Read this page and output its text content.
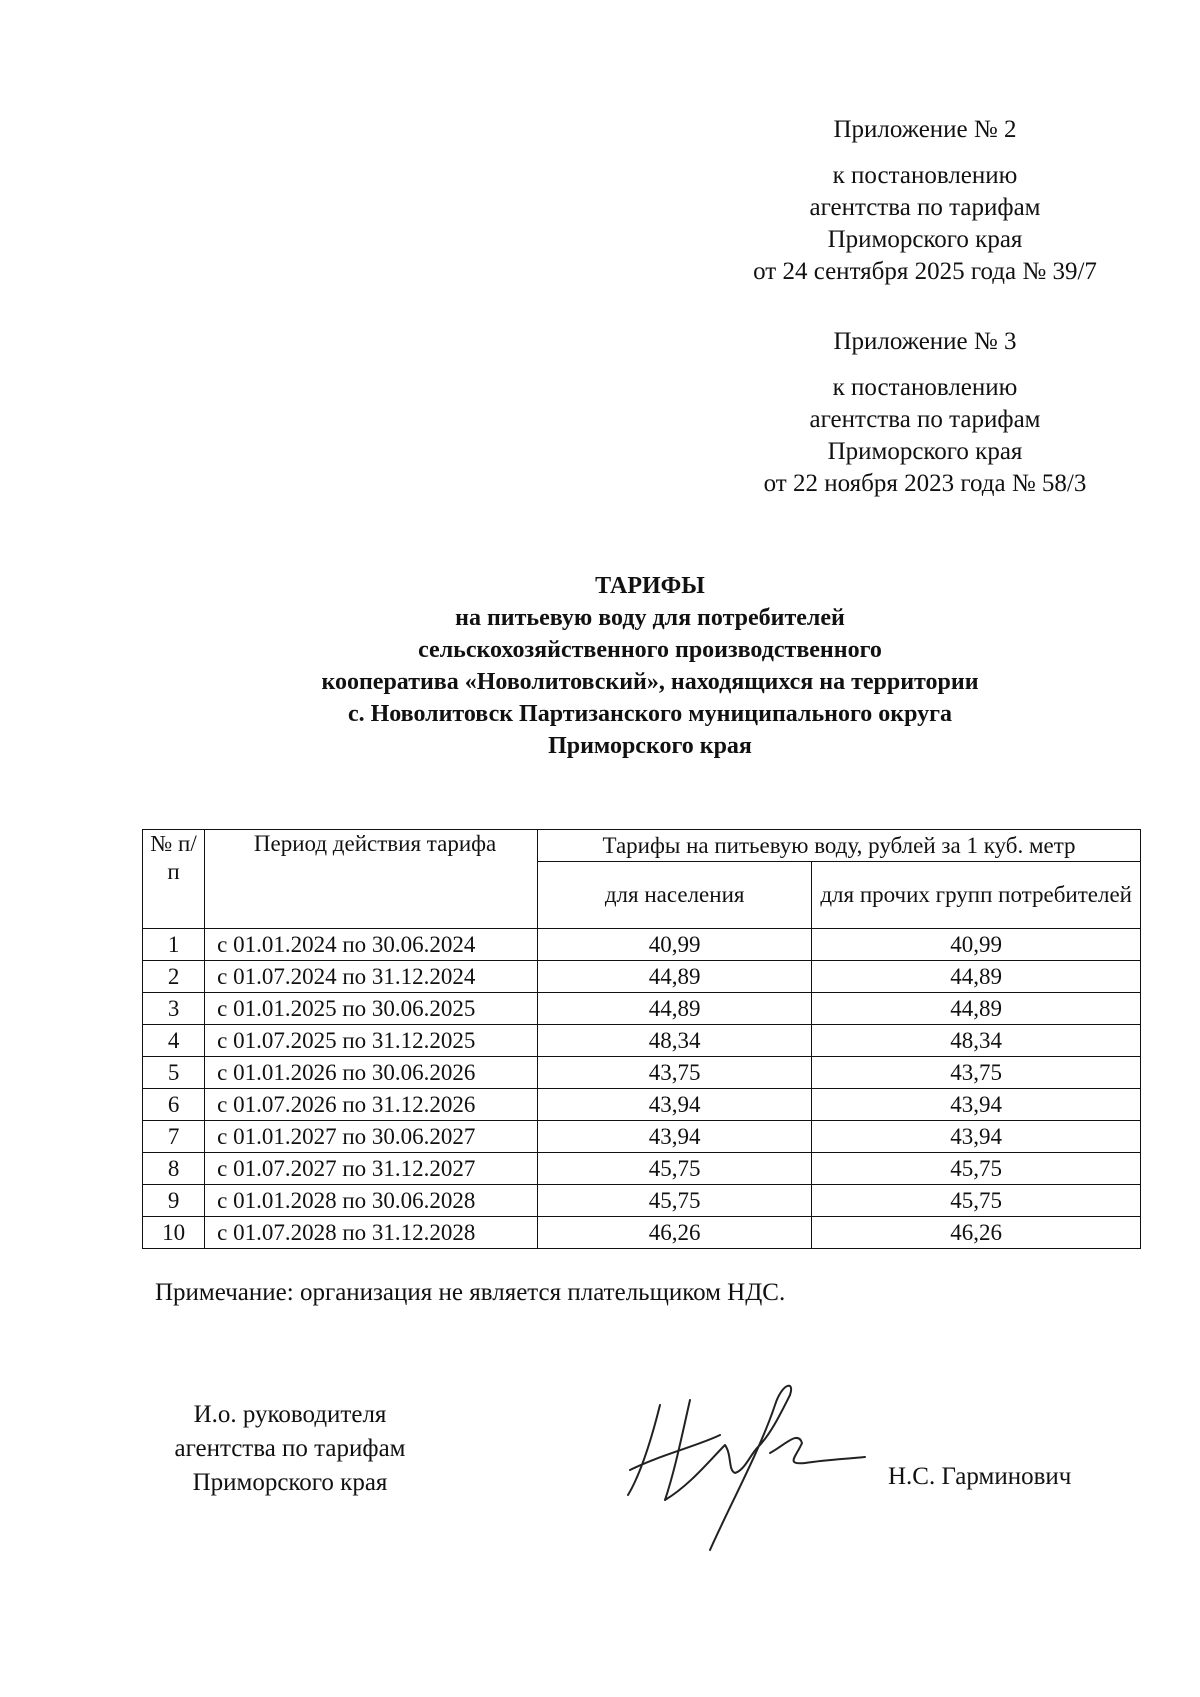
Приложение № 2
к постановлению
агентства по тарифам
Приморского края
от 24 сентября 2025 года № 39/7
Приложение № 3
к постановлению
агентства по тарифам
Приморского края
от 22 ноября 2023 года № 58/3
ТАРИФЫ
на питьевую воду для потребителей
сельскохозяйственного производственного
кооператива «Новолитовский», находящихся на территории
с. Новолитовск Партизанского муниципального округа
Приморского края
№ п/п	Период действия тарифа	Тарифы на питьевую воду, рублей за 1 куб. метр	
		для населения	для прочих групп потребителей
1	с 01.01.2024 по 30.06.2024	40,99	40,99
2	с 01.07.2024 по 31.12.2024	44,89	44,89
3	с 01.01.2025 по 30.06.2025	44,89	44,89
4	с 01.07.2025 по 31.12.2025	48,34	48,34
5	с 01.01.2026 по 30.06.2026	43,75	43,75
6	с 01.07.2026 по 31.12.2026	43,94	43,94
7	с 01.01.2027 по 30.06.2027	43,94	43,94
8	с 01.07.2027 по 31.12.2027	45,75	45,75
9	с 01.01.2028 по 30.06.2028	45,75	45,75
10	с 01.07.2028 по 31.12.2028	46,26	46,26
Примечание: организация не является плательщиком НДС.
И.о. руководителя
агентства по тарифам
Приморского края	Н.С. Гарминович
